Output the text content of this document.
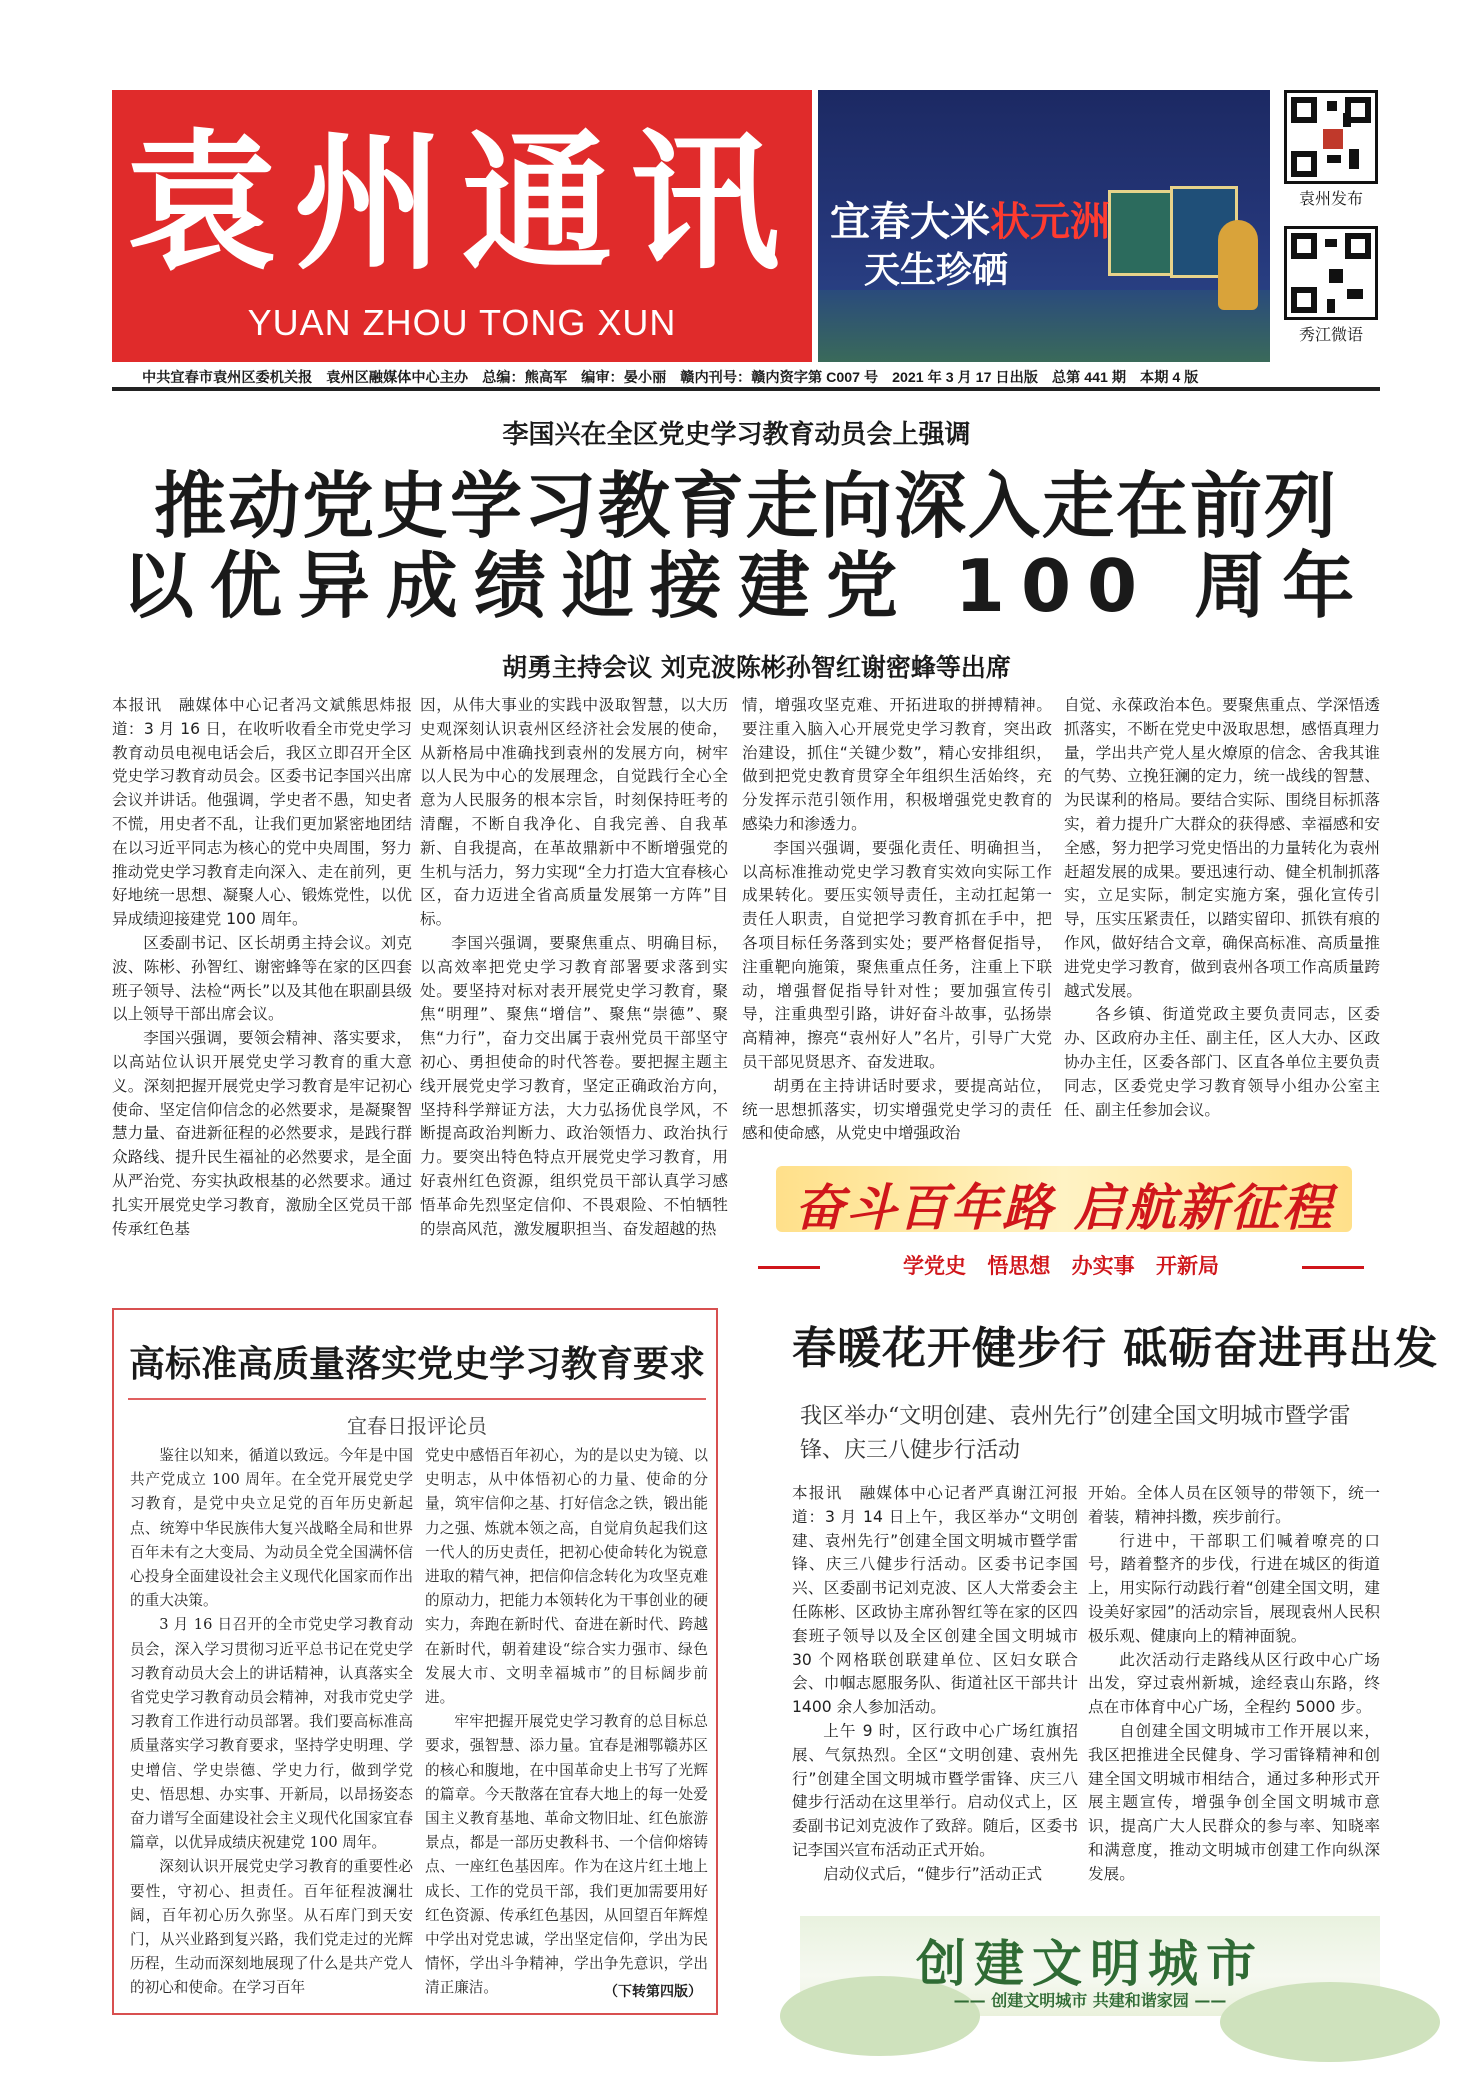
袁州通讯
YUAN ZHOU TONG XUN
宜春大米状元洲
天生珍硒
袁州发布
秀江微语
中共宜春市袁州区委机关报 袁州区融媒体中心主办 总编：熊高军 编审：晏小丽 赣内刊号：赣内资字第 C007 号 2021 年 3 月 17 日出版 总第 441 期 本期 4 版
李国兴在全区党史学习教育动员会上强调
推动党史学习教育走向深入走在前列
以优异成绩迎接建党 100 周年
胡勇主持会议 刘克波陈彬孙智红谢密蜂等出席

本报讯　融媒体中心记者冯文斌熊思炜报道：3 月 16 日，在收听收看全市党史学习教育动员电视电话会后，我区立即召开全区党史学习教育动员会。区委书记李国兴出席会议并讲话。他强调，学史者不愚，知史者不慌，用史者不乱，让我们更加紧密地团结在以习近平同志为核心的党中央周围，努力推动党史学习教育走向深入、走在前列，更好地统一思想、凝聚人心、锻炼党性，以优异成绩迎接建党 100 周年。

区委副书记、区长胡勇主持会议。刘克波、陈彬、孙智红、谢密蜂等在家的区四套班子领导、法检“两长”以及其他在职副县级以上领导干部出席会议。

李国兴强调，要领会精神、落实要求，以高站位认识开展党史学习教育的重大意义。深刻把握开展党史学习教育是牢记初心使命、坚定信仰信念的必然要求，是凝聚智慧力量、奋进新征程的必然要求，是践行群众路线、提升民生福祉的必然要求，是全面从严治党、夯实执政根基的必然要求。通过扎实开展党史学习教育，激励全区党员干部传承红色基

因，从伟大事业的实践中汲取智慧，以大历史观深刻认识袁州区经济社会发展的使命，从新格局中准确找到袁州的发展方向，树牢以人民为中心的发展理念，自觉践行全心全意为人民服务的根本宗旨，时刻保持旺考的清醒，不断自我净化、自我完善、自我革新、自我提高，在革故鼎新中不断增强党的生机与活力，努力实现“全力打造大宜春核心区，奋力迈进全省高质量发展第一方阵”目标。

李国兴强调，要聚焦重点、明确目标，以高效率把党史学习教育部署要求落到实处。要坚持对标对表开展党史学习教育，聚焦“明理”、聚焦“增信”、聚焦“崇德”、聚焦“力行”，奋力交出属于袁州党员干部坚守初心、勇担使命的时代答卷。要把握主题主线开展党史学习教育，坚定正确政治方向，坚持科学辩证方法，大力弘扬优良学风，不断提高政治判断力、政治领悟力、政治执行力。要突出特色特点开展党史学习教育，用好袁州红色资源，组织党员干部认真学习感悟革命先烈坚定信仰、不畏艰险、不怕牺牲的崇高风范，激发履职担当、奋发超越的热

情，增强攻坚克难、开拓进取的拼搏精神。要注重入脑入心开展党史学习教育，突出政治建设，抓住“关键少数”，精心安排组织，做到把党史教育贯穿全年组织生活始终，充分发挥示范引领作用，积极增强党史教育的感染力和渗透力。

李国兴强调，要强化责任、明确担当，以高标准推动党史学习教育实效向实际工作成果转化。要压实领导责任，主动扛起第一责任人职责，自觉把学习教育抓在手中，把各项目标任务落到实处；要严格督促指导，注重靶向施策，聚焦重点任务，注重上下联动，增强督促指导针对性；要加强宣传引导，注重典型引路，讲好奋斗故事，弘扬崇高精神，擦亮“袁州好人”名片，引导广大党员干部见贤思齐、奋发进取。

胡勇在主持讲话时要求，要提高站位，统一思想抓落实，切实增强党史学习的责任感和使命感，从党史中增强政治

自觉、永葆政治本色。要聚焦重点、学深悟透抓落实，不断在党史中汲取思想，感悟真理力量，学出共产党人星火燎原的信念、舍我其谁的气势、立挽狂澜的定力，统一战线的智慧、为民谋利的格局。要结合实际、围绕目标抓落实，着力提升广大群众的获得感、幸福感和安全感，努力把学习党史悟出的力量转化为袁州赶超发展的成果。要迅速行动、健全机制抓落实，立足实际，制定实施方案，强化宣传引导，压实压紧责任，以踏实留印、抓铁有痕的作风，做好结合文章，确保高标准、高质量推进党史学习教育，做到袁州各项工作高质量跨越式发展。

各乡镇、街道党政主要负责同志，区委办、区政府办主任、副主任，区人大办、区政协办主任，区委各部门、区直各单位主要负责同志，区委党史学习教育领导小组办公室主任、副主任参加会议。

奋斗百年路 启航新征程
学党史 悟思想 办实事 开新局
高标准高质量落实党史学习教育要求
宜春日报评论员

鉴往以知来，循道以致远。今年是中国共产党成立 100 周年。在全党开展党史学习教育，是党中央立足党的百年历史新起点、统筹中华民族伟大复兴战略全局和世界百年未有之大变局、为动员全党全国满怀信心投身全面建设社会主义现代化国家而作出的重大决策。

3 月 16 日召开的全市党史学习教育动员会，深入学习贯彻习近平总书记在党史学习教育动员大会上的讲话精神，认真落实全省党史学习教育动员会精神，对我市党史学习教育工作进行动员部署。我们要高标准高质量落实学习教育要求，坚持学史明理、学史增信、学史崇德、学史力行，做到学党史、悟思想、办实事、开新局，以昂扬姿态奋力谱写全面建设社会主义现代化国家宜春篇章，以优异成绩庆祝建党 100 周年。

深刻认识开展党史学习教育的重要性必要性，守初心、担责任。百年征程波澜壮阔，百年初心历久弥坚。从石库门到天安门，从兴业路到复兴路，我们党走过的光辉历程，生动而深刻地展现了什么是共产党人的初心和使命。在学习百年

党史中感悟百年初心，为的是以史为镜、以史明志，从中体悟初心的力量、使命的分量，筑牢信仰之基、打好信念之铁，锻出能力之强、炼就本领之高，自觉肩负起我们这一代人的历史责任，把初心使命转化为锐意进取的精气神，把信仰信念转化为攻坚克难的原动力，把能力本领转化为干事创业的硬实力，奔跑在新时代、奋进在新时代、跨越在新时代，朝着建设“综合实力强市、绿色发展大市、文明幸福城市”的目标阔步前进。

牢牢把握开展党史学习教育的总目标总要求，强智慧、添力量。宜春是湘鄂赣苏区的核心和腹地，在中国革命史上书写了光辉的篇章。今天散落在宜春大地上的每一处爱国主义教育基地、革命文物旧址、红色旅游景点，都是一部历史教科书、一个信仰熔铸点、一座红色基因库。作为在这片红土地上成长、工作的党员干部，我们更加需要用好红色资源、传承红色基因，从回望百年辉煌中学出对党忠诚，学出坚定信仰，学出为民情怀，学出斗争精神，学出争先意识，学出清正廉洁。	（下转第四版）
春暖花开健步行 砥砺奋进再出发
我区举办“文明创建、袁州先行”创建全国文明城市暨学雷锋、庆三八健步行活动

本报讯　融媒体中心记者严真谢江河报道：3 月 14 日上午，我区举办“文明创建、袁州先行”创建全国文明城市暨学雷锋、庆三八健步行活动。区委书记李国兴、区委副书记刘克波、区人大常委会主任陈彬、区政协主席孙智红等在家的区四套班子领导以及全区创建全国文明城市 30 个网格联创联建单位、区妇女联合会、巾帼志愿服务队、街道社区干部共计 1400 余人参加活动。

上午 9 时，区行政中心广场红旗招展、气氛热烈。全区“文明创建、袁州先行”创建全国文明城市暨学雷锋、庆三八健步行活动在这里举行。启动仪式上，区委副书记刘克波作了致辞。随后，区委书记李国兴宣布活动正式开始。

启动仪式后，“健步行”活动正式

开始。全体人员在区领导的带领下，统一着装，精神抖擞，疾步前行。

行进中，干部职工们喊着嘹亮的口号，踏着整齐的步伐，行进在城区的街道上，用实际行动践行着“创建全国文明，建设美好家园”的活动宗旨，展现袁州人民积极乐观、健康向上的精神面貌。

此次活动行走路线从区行政中心广场出发，穿过袁州新城，途经袁山东路，终点在市体育中心广场，全程约 5000 步。

自创建全国文明城市工作开展以来，我区把推进全民健身、学习雷锋精神和创建全国文明城市相结合，通过多种形式开展主题宣传，增强争创全国文明城市意识，提高广大人民群众的参与率、知晓率和满意度，推动文明城市创建工作向纵深发展。

创建文明城市
—— 创建文明城市 共建和谐家园 ——
